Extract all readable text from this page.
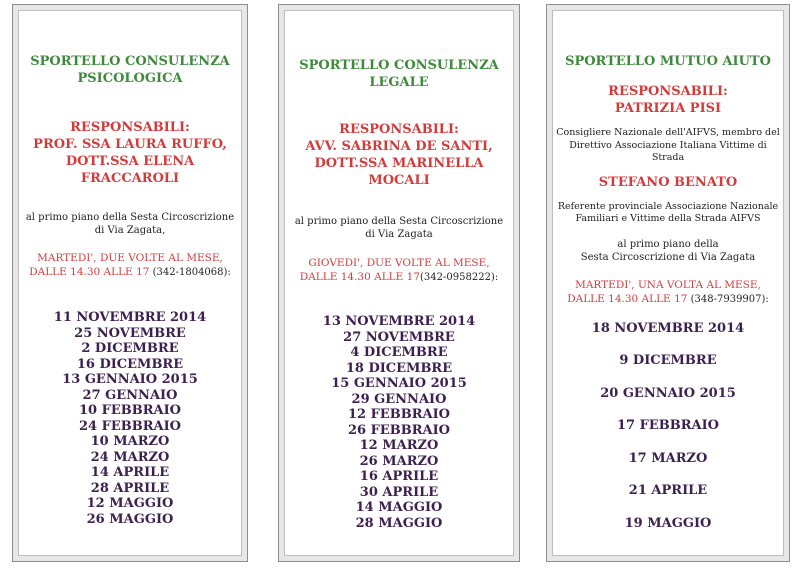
SPORTELLO CONSULENZA
PSICOLOGICA
RESPONSABILI:
PROF. SSA LAURA RUFFO,
DOTT.SSA ELENA FRACCAROLI
al primo piano della Sesta Circoscrizione
di Via Zagata,
MARTEDI', DUE VOLTE AL MESE,
DALLE 14.30 ALLE 17 (342-1804068):
11 NOVEMBRE 2014
25 NOVEMBRE
2 DICEMBRE
16 DICEMBRE
13 GENNAIO 2015
27 GENNAIO
10 FEBBRAIO
24 FEBBRAIO
10 MARZO
24 MARZO
14 APRILE
28 APRILE
12 MAGGIO
26 MAGGIO
SPORTELLO CONSULENZA
LEGALE
RESPONSABILI:
AVV. SABRINA DE SANTI,
DOTT.SSA MARINELLA MOCALI
al primo piano della Sesta Circoscrizione
di Via Zagata
GIOVEDI', DUE VOLTE AL MESE,
DALLE 14.30 ALLE 17(342-0958222):
13 NOVEMBRE 2014
27 NOVEMBRE
4 DICEMBRE
18 DICEMBRE
15 GENNAIO 2015
29 GENNAIO
12 FEBBRAIO
26 FEBBRAIO
12 MARZO
26 MARZO
16 APRILE
30 APRILE
14 MAGGIO
28 MAGGIO
SPORTELLO MUTUO AIUTO
RESPONSABILI:
PATRIZIA PISI
Consigliere Nazionale dell'AIFVS, membro del
Direttivo Associazione Italiana Vittime di Strada
STEFANO BENATO
Referente provinciale Associazione Nazionale
Familiari e Vittime della Strada AIFVS
al primo piano della
Sesta Circoscrizione di Via Zagata
MARTEDI', UNA VOLTA AL MESE,
DALLE 14.30 ALLE 17 (348-7939907):
18 NOVEMBRE 2014
9 DICEMBRE
20 GENNAIO 2015
17 FEBBRAIO
17 MARZO
21 APRILE
19 MAGGIO
